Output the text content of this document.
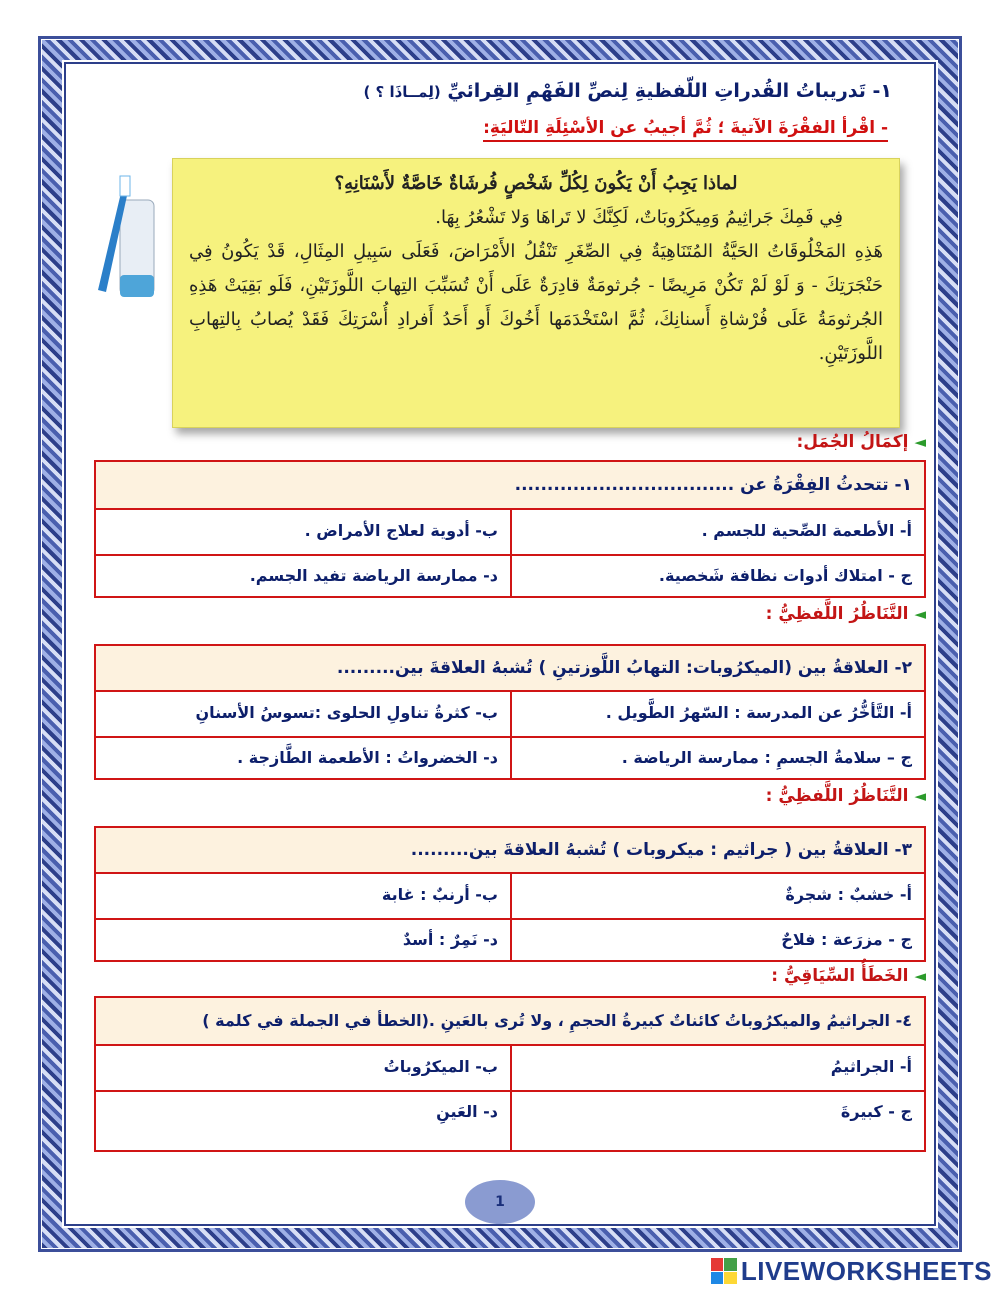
١- تَدريباتُ القُدراتِ اللّفظيةِ لِنصِّ الفَهْمِ القِرائيِّ (لِمــاذَا ؟ )
- اقْرأ الفقْرَةَ الآتيةَ ؛ ثُمَّ أجيبُ عن الأسْئِلَةِ التّاليَةِ:
لماذا يَجِبُ أَنْ يَكُونَ لِكُلِّ شَخْصٍ فُرشَاةٌ خَاصَّةٌ لأَسْنَانِهِ؟
فِي فَمِكَ جَراثِيمُ وَمِيكَرُوبَاتٌ، لَكِنَّكَ لا تَراهَا وَلا تَشْعُرُ بِهَا.
هَذِهِ المَخْلُوقَاتُ الحَيَّةُ المُتَنَاهِيَةُ فِي الصِّغَرِ تَنْقُلُ الأَمْرَاضَ، فَعَلَى سَبِيلِ المِثَالِ، قَدْ يَكُونُ فِي حَنْجَرَتِكَ - وَ لَوْ لَمْ تَكُنْ مَرِيضًا - جُرثومَةٌ قادِرَةٌ عَلَى أَنْ تُسَبِّبَ التِهابَ اللَّوزَتَيْنِ، فَلَو بَقِيَتْ هَذِهِ الجُرثومَةُ عَلَى فُرْشاةِ أَسنانِكَ، ثُمَّ اسْتَخْدَمَها أَخُوكَ أَو أَحَدُ أَفرادِ أُسْرَتِكَ فَقَدْ يُصابُ بِالتِهابِ اللَّوزَتَيْنِ.
◄إكمَالُ الجُمَل:
١- تتحدثُ الفِقْرَةُ عن ..................................
أ- الأطعمة الصِّحية للجسم .
ب- أدوية لعلاج الأمراض .
ج - امتلاك أدوات نظافة شَخصية.
د- ممارسة الرياضة تفيد الجسم.
◄التَّنَاظُرُ اللَّفظِيُّ :
٢- العلاقةُ بين (الميكرُوبات: التهابُ اللَّوزتينِ ) تُشبهُ العلاقةَ بين.........
أ- التَّأخُّرُ عن المدرسة : السّهرُ الطَّويل .
ب- كثرةُ تناولِ الحلوى :تسوسُ الأسنانِ
ج – سلامةُ الجسمِ : ممارسة الرياضة .
د- الخضرواتُ : الأطعمة الطَّازجة .
◄التَّنَاظُرُ اللَّفظِيُّ :
٣- العلاقةُ بين ( جراثيم : ميكروبات ) تُشبهُ العلاقةَ بين.........
أ- خشبٌ : شجرةٌ
ب- أرنبٌ : غابة
ج - مزرَعة : فلاحٌ
د- نَمِرٌ : أسدٌ
◄الخَطَأُ السِّيَاقِيُّ :
٤- الجراثيمُ والميكرُوباتُ كائناتٌ كبيرةُ الحجمِ ، ولا تُرى بالعَينِ .(الخطأ في الجملة في كلمة )
أ- الجراثيمُ
ب- الميكرُوباتُ
ج - كبيرةَ
د- العَينِ
1
LIVEWORKSHEETS
